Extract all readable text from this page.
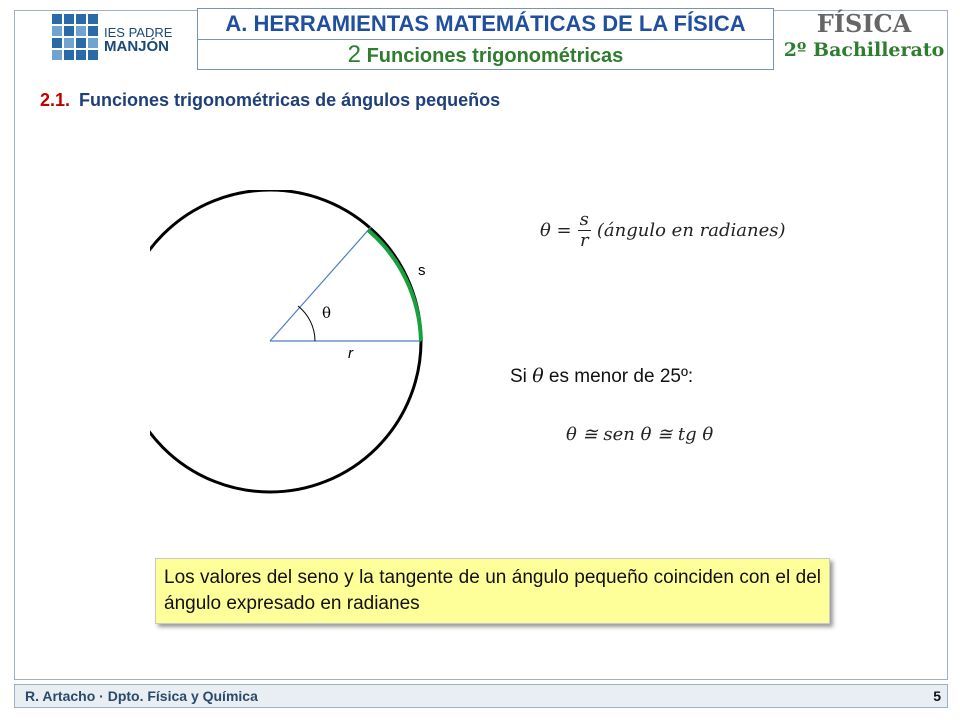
IES PADRE
MANJÓN
A. HERRAMIENTAS MATEMÁTICAS DE LA FÍSICA
2 Funciones trigonométricas
FÍSICA
2º Bachillerato
2.1. Funciones trigonométricas de ángulos pequeños
θ
s
r
$\theta = \frac{s}{r}$ (ángulo en radianes)
Si θ es menor de 25º:
θ ≅ sen θ ≅ tg θ
Los valores del seno y la tangente de un ángulo pequeño coinciden con el del ángulo expresado en radianes
R. Artacho · Dpto. Física y Química	5
